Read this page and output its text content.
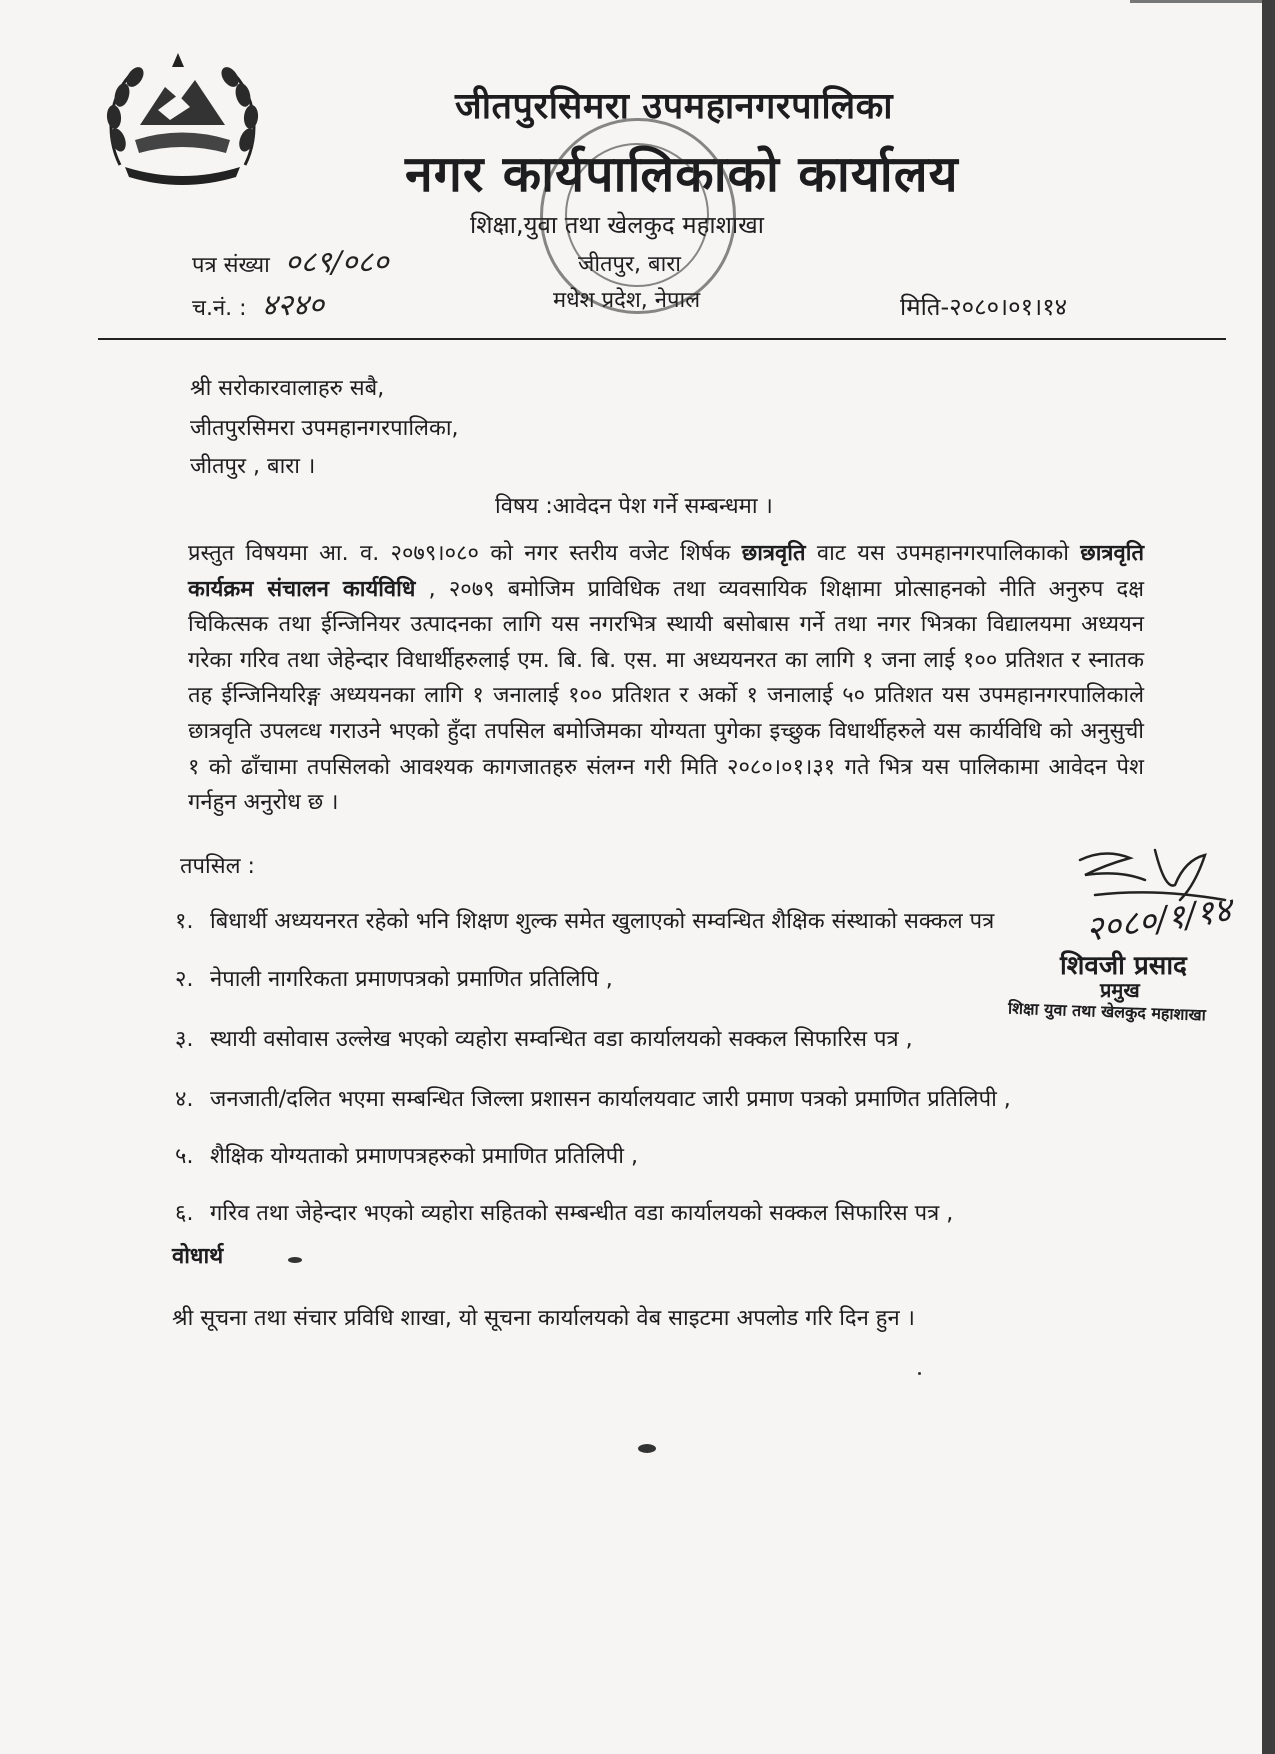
जीतपुरसिमरा उपमहानगरपालिका
नगर कार्यपालिकाको कार्यालय
शिक्षा,युवा तथा खेलकुद महाशाखा
जीतपुर, बारा
मधेश प्रदेश, नेपाल
पत्र संख्या ०८९/०८०
च.नं. : ४२४०	मिति-२०८०।०१।१४
श्री सरोकारवालाहरु सबै,
जीतपुरसिमरा उपमहानगरपालिका,
जीतपुर , बारा ।
विषय :आवेदन पेश गर्ने सम्बन्धमा ।
प्रस्तुत विषयमा आ. व. २०७९।०८० को नगर स्तरीय वजेट शिर्षक छात्रवृति वाट यस उपमहानगरपालिकाको छात्रवृति कार्यक्रम संचालन कार्यविधि , २०७९ बमोजिम प्राविधिक तथा व्यवसायिक शिक्षामा प्रोत्साहनको नीति अनुरुप दक्ष चिकित्सक तथा ईन्जिनियर उत्पादनका लागि यस नगरभित्र स्थायी बसोबास गर्ने तथा नगर भित्रका विद्यालयमा अध्ययन गरेका गरिव तथा जेहेन्दार विधार्थीहरुलाई एम. बि. बि. एस. मा अध्ययनरत का लागि १ जना लाई १०० प्रतिशत र स्नातक तह ईन्जिनियरिङ्ग अध्ययनका लागि १ जनालाई १०० प्रतिशत र अर्को १ जनालाई ५० प्रतिशत यस उपमहानगरपालिकाले छात्रवृति उपलव्ध गराउने भएको हुँदा तपसिल बमोजिमका योग्यता पुगेका इच्छुक विधार्थीहरुले यस कार्यविधि को अनुसुची १ को ढाँचामा तपसिलको आवश्यक कागजातहरु संलग्न गरी मिति २०८०।०१।३१ गते भित्र यस पालिकामा आवेदन पेश गर्नहुन अनुरोध छ ।
तपसिल :
१. बिधार्थी अध्ययनरत रहेको भनि शिक्षण शुल्क समेत खुलाएको सम्वन्धित शैक्षिक संस्थाको सक्कल पत्र
२. नेपाली नागरिकता प्रमाणपत्रको प्रमाणित प्रतिलिपि ,
३. स्थायी वसोवास उल्लेख भएको व्यहोरा सम्वन्धित वडा कार्यालयको सक्कल सिफारिस पत्र ,
४. जनजाती/दलित भएमा सम्बन्धित जिल्ला प्रशासन कार्यालयवाट जारी प्रमाण पत्रको प्रमाणित प्रतिलिपी ,
५. शैक्षिक योग्यताको प्रमाणपत्रहरुको प्रमाणित प्रतिलिपी ,
६. गरिव तथा जेहेन्दार भएको व्यहोरा सहितको सम्बन्धीत वडा कार्यालयको सक्कल सिफारिस पत्र ,
२०८०/१/१४
शिवजी प्रसाद
प्रमुख
शिक्षा युवा तथा खेलकुद महाशाखा
वोधार्थ
श्री सूचना तथा संचार प्रविधि शाखा, यो सूचना कार्यालयको वेब साइटमा अपलोड गरि दिन हुन ।
